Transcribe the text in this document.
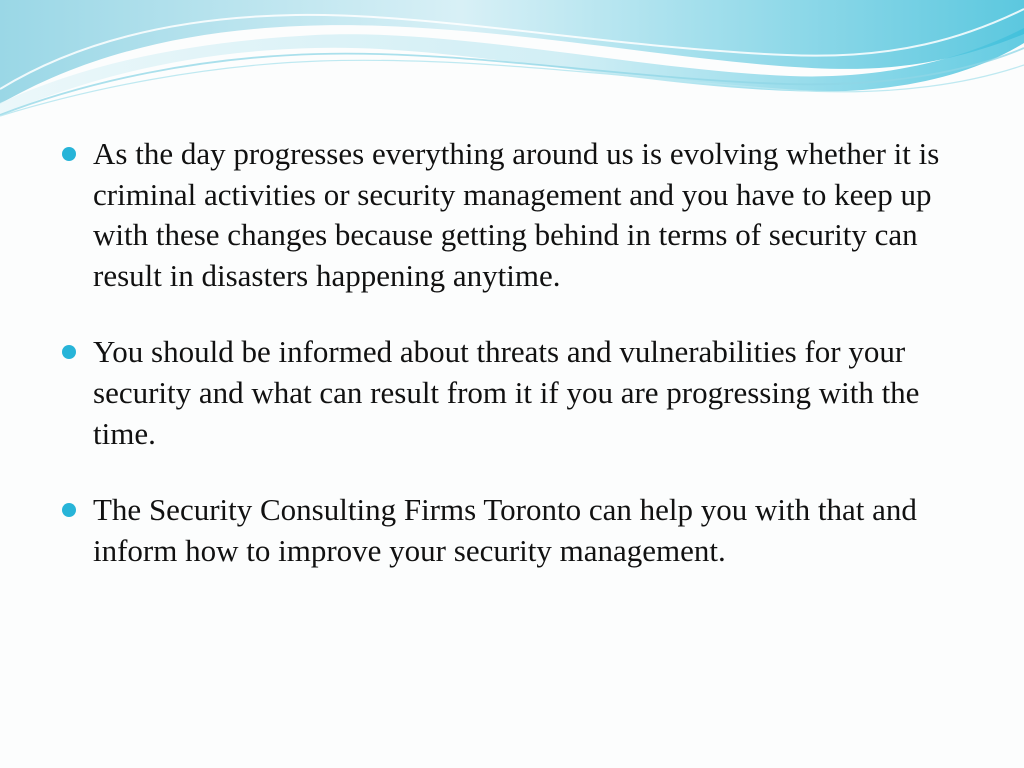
As the day progresses everything around us is evolving whether it is criminal activities or security management and you have to keep up with these changes because getting behind in terms of security can result in disasters happening anytime.
You should be informed about threats and vulnerabilities for your security and what can result from it if you are progressing with the time.
The Security Consulting Firms Toronto can help you with that and inform how to improve your security management.
